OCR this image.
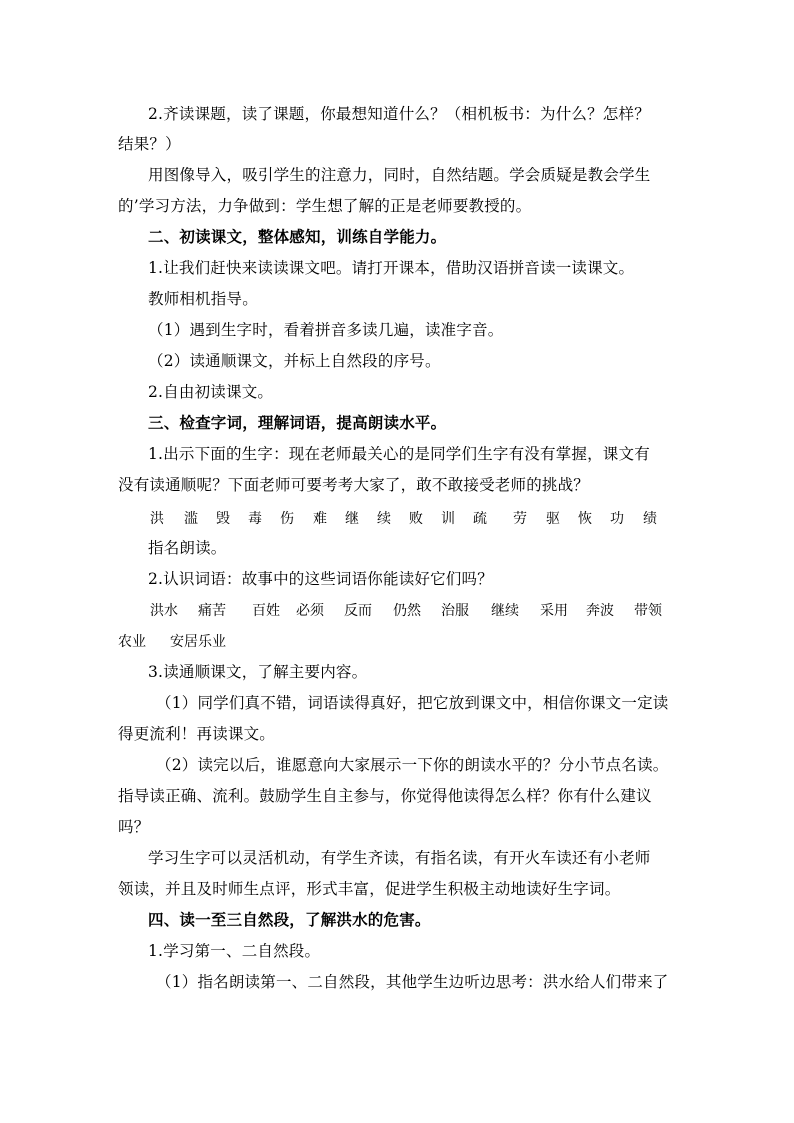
2.齐读课题，读了课题，你最想知道什么？（相机板书：为什么？怎样？
结果？）
用图像导入，吸引学生的注意力，同时，自然结题。学会质疑是教会学生
的’学习方法，力争做到：学生想了解的正是老师要教授的。
二、初读课文，整体感知，训练自学能力。
1.让我们赶快来读读课文吧。请打开课本，借助汉语拼音读一读课文。
教师相机指导。
（1）遇到生字时，看着拼音多读几遍，读准字音。
（2）读通顺课文，并标上自然段的序号。
2.自由初读课文。
三、检查字词，理解词语，提高朗读水平。
1.出示下面的生字：现在老师最关心的是同学们生字有没有掌握，课文有
没有读通顺呢？下面老师可要考考大家了，敢不敢接受老师的挑战？
洪 滥 毁 毒 伤 难 继 续 败 训 疏 劳 驱 恢 功 绩
指名朗读。
2.认识词语：故事中的这些词语你能读好它们吗？
洪水 痛苦 百姓 必须 反而 仍然 治服 继续 采用 奔波 带领
农业 安居乐业
3.读通顺课文，了解主要内容。
（1）同学们真不错，词语读得真好，把它放到课文中，相信你课文一定读
得更流利！再读课文。
（2）读完以后，谁愿意向大家展示一下你的朗读水平的？分小节点名读。
指导读正确、流利。鼓励学生自主参与，你觉得他读得怎么样？你有什么建议
吗？
学习生字可以灵活机动，有学生齐读，有指名读，有开火车读还有小老师
领读，并且及时师生点评，形式丰富，促进学生积极主动地读好生字词。
四、读一至三自然段，了解洪水的危害。
1.学习第一、二自然段。
（1）指名朗读第一、二自然段，其他学生边听边思考：洪水给人们带来了
